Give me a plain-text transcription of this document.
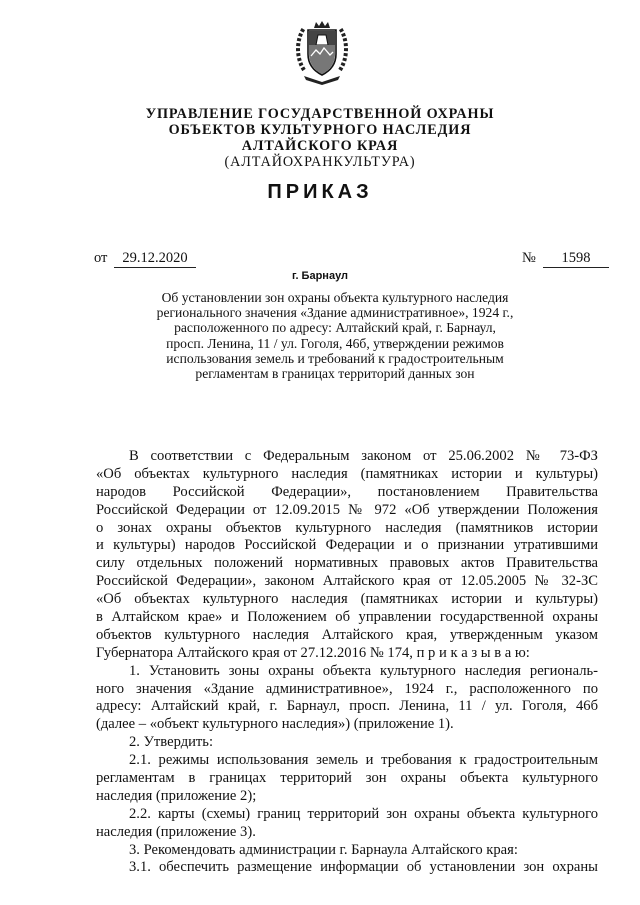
УПРАВЛЕНИЕ ГОСУДАРСТВЕННОЙ ОХРАНЫ
ОБЪЕКТОВ КУЛЬТУРНОГО НАСЛЕДИЯ
АЛТАЙСКОГО КРАЯ
(АЛТАЙОХРАНКУЛЬТУРА)
ПРИКАЗ
от	29.12.2020	№	1598
г. Барнаул
Об установлении зон охраны объекта культурного наследия
регионального значения «Здание административное», 1924 г.,
расположенного по адресу: Алтайский край, г. Барнаул,
просп. Ленина, 11 / ул. Гоголя, 46б, утверждении режимов
использования земель и требований к градостроительным
регламентам в границах территорий данных зон
В соответствии с Федеральным законом от 25.06.2002 № 73-ФЗ
«Об объектах культурного наследия (памятниках истории и культуры)
народов Российской Федерации», постановлением Правительства
Российской Федерации от 12.09.2015 № 972 «Об утверждении Положения
о зонах охраны объектов культурного наследия (памятников истории
и культуры) народов Российской Федерации и о признании утратившими
силу отдельных положений нормативных правовых актов Правительства
Российской Федерации», законом Алтайского края от 12.05.2005 № 32-ЗС
«Об объектах культурного наследия (памятниках истории и культуры)
в Алтайском крае» и Положением об управлении государственной охраны
объектов культурного наследия Алтайского края, утвержденным указом
Губернатора Алтайского края от 27.12.2016 № 174, п р и к а з ы в а ю:
1. Установить зоны охраны объекта культурного наследия региональ-
ного значения «Здание административное», 1924 г., расположенного по
адресу: Алтайский край, г. Барнаул, просп. Ленина, 11 / ул. Гоголя, 46б
(далее – «объект культурного наследия») (приложение 1).
2. Утвердить:
2.1. режимы использования земель и требования к градостроительным
регламентам в границах территорий зон охраны объекта культурного
наследия (приложение 2);
2.2. карты (схемы) границ территорий зон охраны объекта культурного
наследия (приложение 3).
3. Рекомендовать администрации г. Барнаула Алтайского края:
3.1. обеспечить размещение информации об установлении зон охраны
